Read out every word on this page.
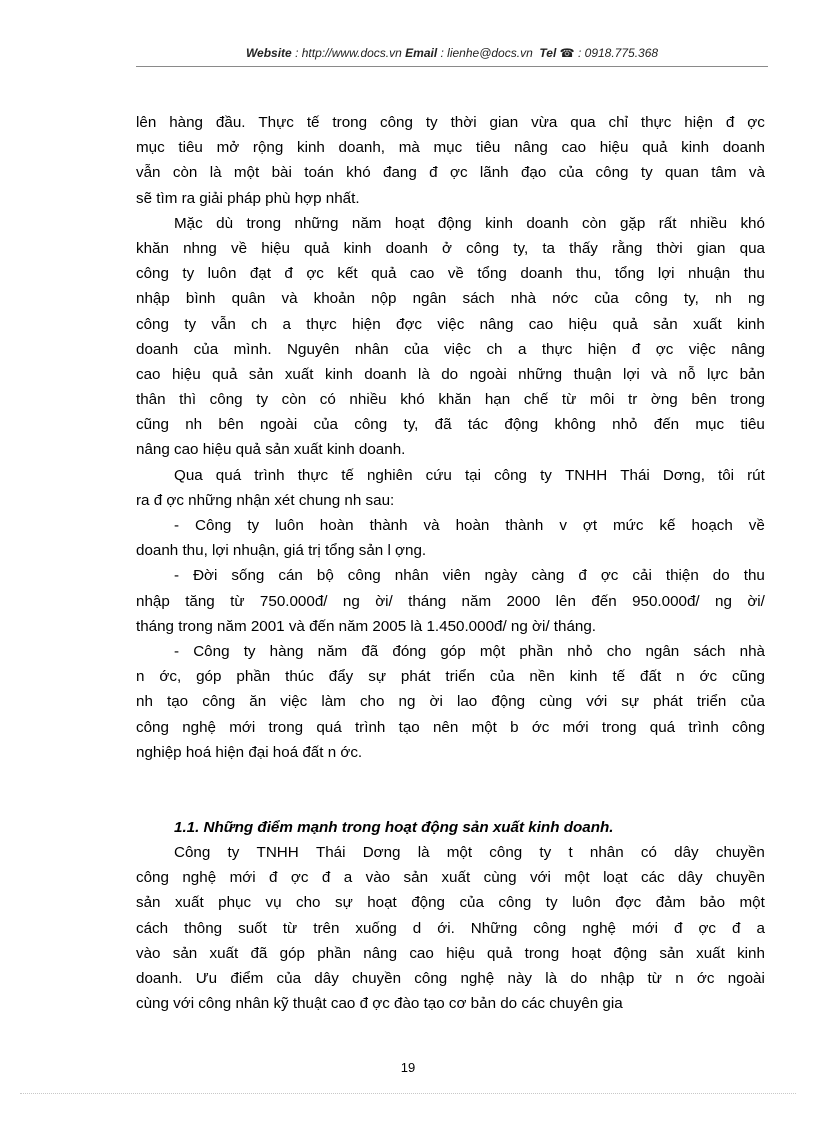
Website : http://www.docs.vn Email : lienhe@docs.vn Tel ☎ : 0918.775.368
lên hàng đầu. Thực tế trong công ty thời gian vừa qua chỉ thực hiện đ ợc
mục tiêu mở rộng kinh doanh, mà mục tiêu nâng cao hiệu quả kinh doanh
vẫn còn là một bài toán khó đang đ ợc lãnh đạo của công ty quan tâm và
sẽ tìm ra giải pháp phù hợp nhất.
Mặc dù trong những năm hoạt động kinh doanh còn gặp rất nhiều khó
khăn nhng về hiệu quả kinh doanh ở công ty, ta thấy rằng thời gian qua
công ty luôn đạt đ ợc kết quả cao về tổng doanh thu, tổng lợi nhuận thu
nhập bình quân và khoản nộp ngân sách nhà nớc của công ty, nh ng
công ty vẫn ch a thực hiện đợc việc nâng cao hiệu quả sản xuất kinh
doanh của mình. Nguyên nhân của việc ch a thực hiện đ ợc việc nâng
cao hiệu quả sản xuất kinh doanh là do ngoài những thuận lợi và nỗ lực bản
thân thì công ty còn có nhiều khó khăn hạn chế từ môi tr ờng bên trong
cũng nh bên ngoài của công ty, đã tác động không nhỏ đến mục tiêu
nâng cao hiệu quả sản xuất kinh doanh.
Qua quá trình thực tế nghiên cứu tại công ty TNHH Thái Dơng, tôi rút
ra đ ợc những nhận xét chung nh sau:
- Công ty luôn hoàn thành và hoàn thành v ợt mức kế hoạch về
doanh thu, lợi nhuận, giá trị tổng sản l ợng.
- Đời sống cán bộ công nhân viên ngày càng đ ợc cải thiện do thu
nhập tăng từ 750.000đ/ ng ời/ tháng năm 2000 lên đến 950.000đ/ ng ời/
tháng trong năm 2001 và đến năm 2005 là 1.450.000đ/ ng ời/ tháng.
- Công ty hàng năm đã đóng góp một phần nhỏ cho ngân sách nhà
n ớc, góp phần thúc đẩy sự phát triển của nền kinh tế đất n ớc cũng
nh tạo công ăn việc làm cho ng ời lao động cùng với sự phát triển của
công nghệ mới trong quá trình tạo nên một b ớc mới trong quá trình công
nghiệp hoá hiện đại hoá đất n ớc.
1.1. Những điểm mạnh trong hoạt động sản xuất kinh doanh.
Công ty TNHH Thái Dơng là một công ty t nhân có dây chuyền
công nghệ mới đ ợc đ a vào sản xuất cùng với một loạt các dây chuyền
sản xuất phục vụ cho sự hoạt động của công ty luôn đợc đảm bảo một
cách thông suốt từ trên xuống d ới. Những công nghệ mới đ ợc đ a
vào sản xuất đã góp phần nâng cao hiệu quả trong hoạt động sản xuất kinh
doanh. Ưu điểm của dây chuyền công nghệ này là do nhập từ n ớc ngoài
cùng với công nhân kỹ thuật cao đ ợc đào tạo cơ bản do các chuyên gia
19
